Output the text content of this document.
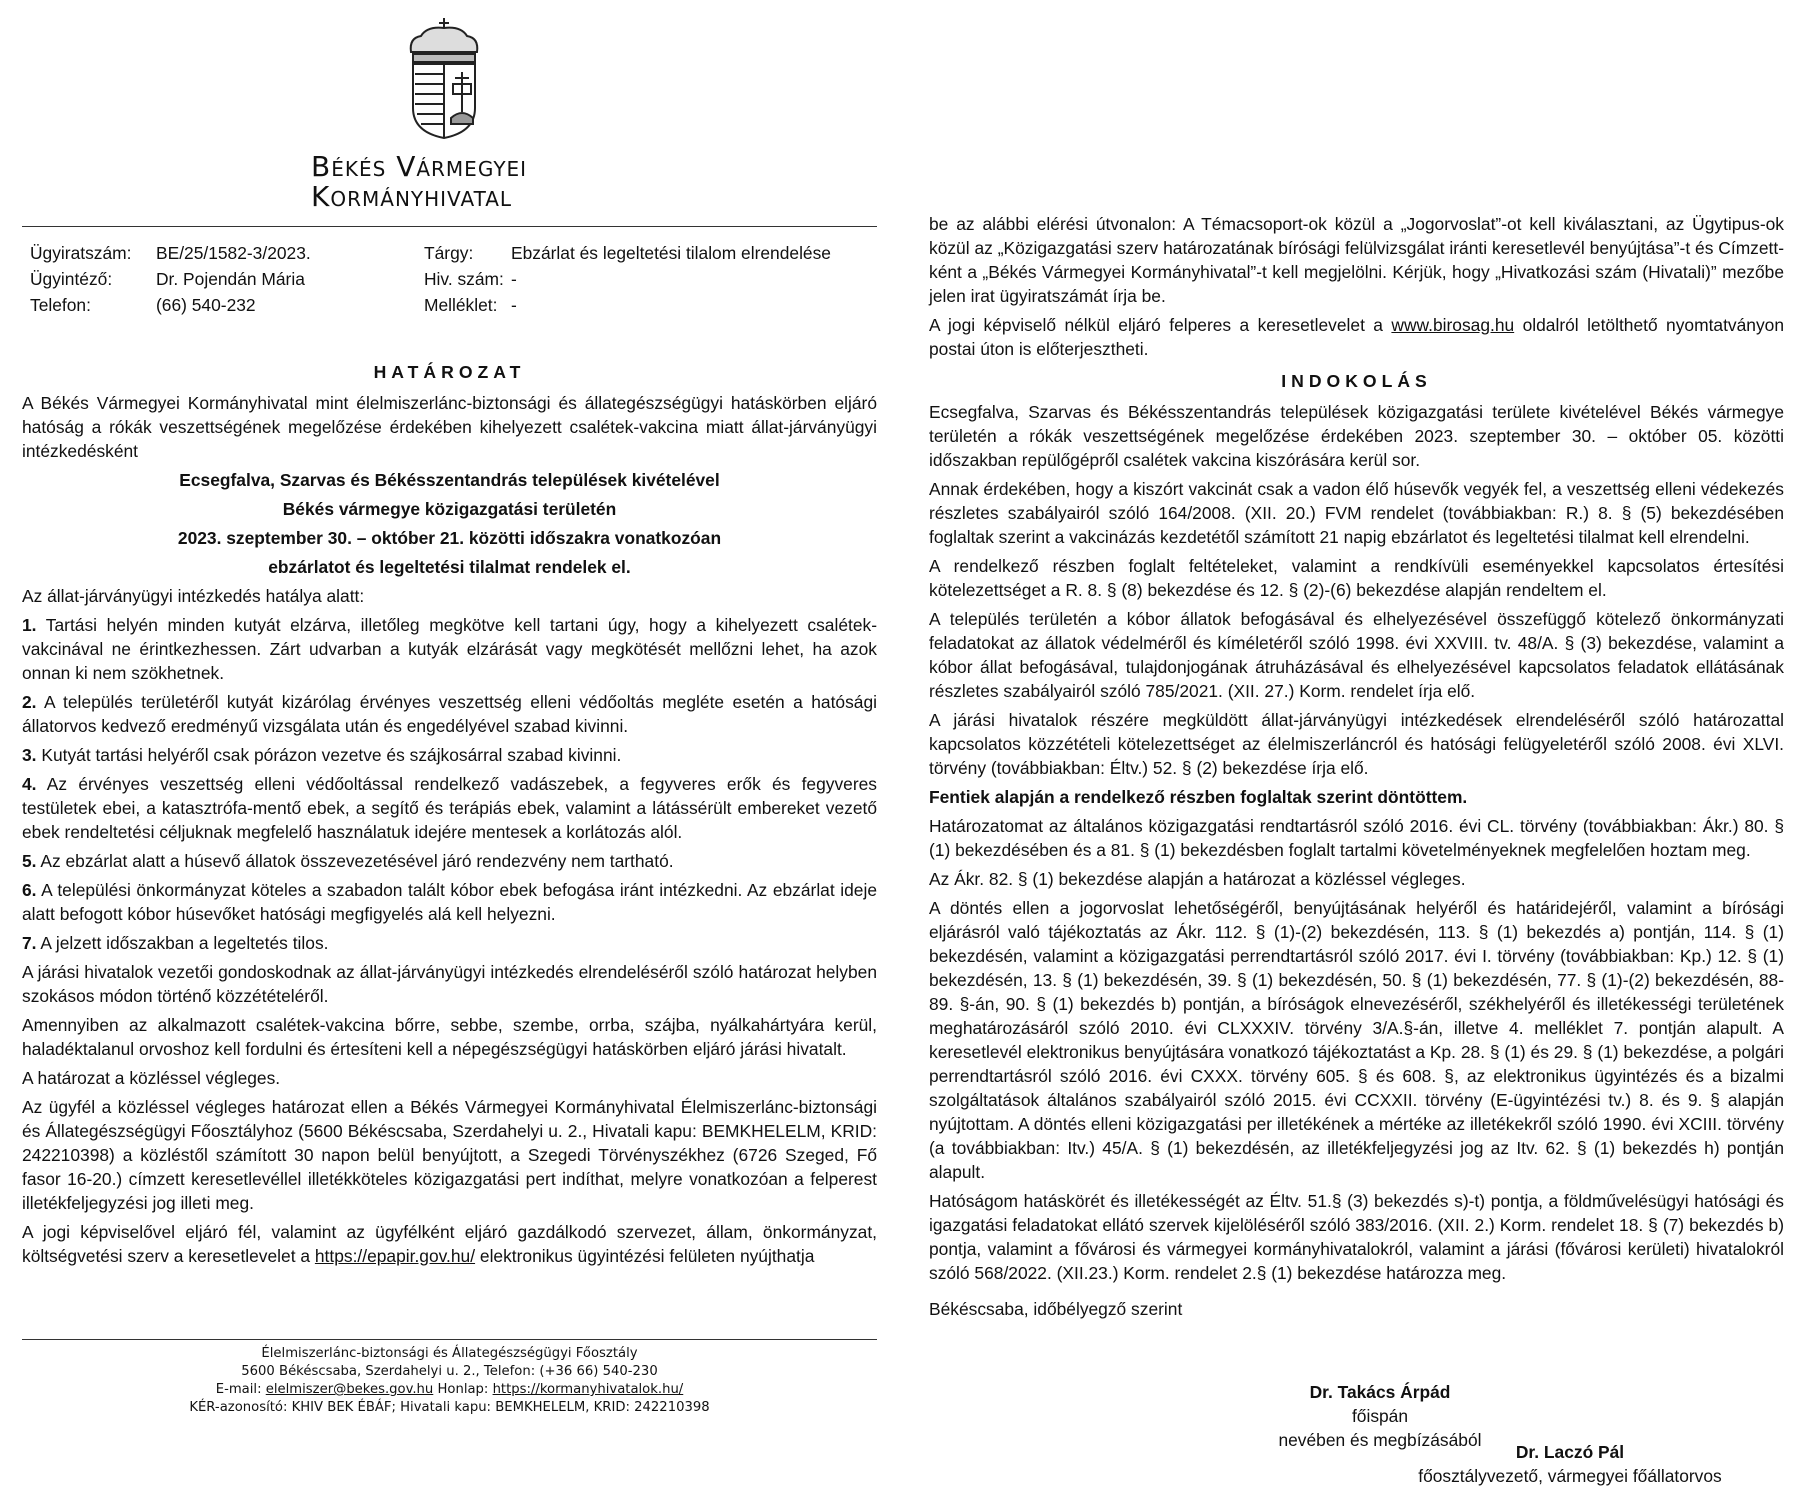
Békés Vármegyei
Kormányhivatal
Ügyiratszám: BE/25/1582-3/2023.	Tárgy: Ebzárlat és legeltetési tilalom elrendelése
Ügyintéző:	Dr. Pojendán Mária	Hiv. szám: -
Telefon:	(66) 540-232	Melléklet: -

HATÁROZAT

A Békés Vármegyei Kormányhivatal mint élelmiszerlánc-biztonsági és állategészségügyi hatáskörben eljáró hatóság a rókák veszettségének megelőzése érdekében kihelyezett csalétek-vakcina miatt állat-járványügyi intézkedésként

Ecsegfalva, Szarvas és Békésszentandrás települések kivételével

Békés vármegye közigazgatási területén

2023. szeptember 30. – október 21. közötti időszakra vonatkozóan

ebzárlatot és legeltetési tilalmat rendelek el.

Az állat-járványügyi intézkedés hatálya alatt:

1. Tartási helyén minden kutyát elzárva, illetőleg megkötve kell tartani úgy, hogy a kihelyezett csalétek-vakcinával ne érintkezhessen. Zárt udvarban a kutyák elzárását vagy megkötését mellőzni lehet, ha azok onnan ki nem szökhetnek.

2. A település területéről kutyát kizárólag érvényes veszettség elleni védőoltás megléte esetén a hatósági állatorvos kedvező eredményű vizsgálata után és engedélyével szabad kivinni.

3. Kutyát tartási helyéről csak pórázon vezetve és szájkosárral szabad kivinni.

4. Az érvényes veszettség elleni védőoltással rendelkező vadászebek, a fegyveres erők és fegyveres testületek ebei, a katasztrófa-mentő ebek, a segítő és terápiás ebek, valamint a látássérült embereket vezető ebek rendeltetési céljuknak megfelelő használatuk idejére mentesek a korlátozás alól.

5. Az ebzárlat alatt a húsevő állatok összevezetésével járó rendezvény nem tartható.

6. A települési önkormányzat köteles a szabadon talált kóbor ebek befogása iránt intézkedni. Az ebzárlat ideje alatt befogott kóbor húsevőket hatósági megfigyelés alá kell helyezni.

7. A jelzett időszakban a legeltetés tilos.

A járási hivatalok vezetői gondoskodnak az állat-járványügyi intézkedés elrendeléséről szóló határozat helyben szokásos módon történő közzétételéről.

Amennyiben az alkalmazott csalétek-vakcina bőrre, sebbe, szembe, orrba, szájba, nyálkahártyára kerül, haladéktalanul orvoshoz kell fordulni és értesíteni kell a népegészségügyi hatáskörben eljáró járási hivatalt.

A határozat a közléssel végleges.

Az ügyfél a közléssel végleges határozat ellen a Békés Vármegyei Kormányhivatal Élelmiszerlánc-biztonsági és Állategészségügyi Főosztályhoz (5600 Békéscsaba, Szerdahelyi u. 2., Hivatali kapu: BEMKHELELM, KRID: 242210398) a közléstől számított 30 napon belül benyújtott, a Szegedi Törvényszékhez (6726 Szeged, Fő fasor 16-20.) címzett keresetlevéllel illetékköteles közigazgatási pert indíthat, melyre vonatkozóan a felperest illetékfeljegyzési jog illeti meg.

A jogi képviselővel eljáró fél, valamint az ügyfélként eljáró gazdálkodó szervezet, állam, önkormányzat, költségvetési szerv a keresetlevelet a https://epapir.gov.hu/ elektronikus ügyintézési felületen nyújthatja

Élelmiszerlánc-biztonsági és Állategészségügyi Főosztály
5600 Békéscsaba, Szerdahelyi u. 2., Telefon: (+36 66) 540-230
E-mail: elelmiszer@bekes.gov.hu Honlap: https://kormanyhivatalok.hu/
KÉR-azonosító: KHIV BEK ÉBÁF; Hivatali kapu: BEMKHELELM, KRID: 242210398

be az alábbi elérési útvonalon: A Témacsoport-ok közül a „Jogorvoslat”-ot kell kiválasztani, az Ügytipus-ok közül az „Közigazgatási szerv határozatának bírósági felülvizsgálat iránti keresetlevél benyújtása”-t és Címzett-ként a „Békés Vármegyei Kormányhivatal”-t kell megjelölni. Kérjük, hogy „Hivatkozási szám (Hivatali)” mezőbe jelen irat ügyiratszámát írja be.

A jogi képviselő nélkül eljáró felperes a keresetlevelet a www.birosag.hu oldalról letölthető nyomtatványon postai úton is előterjesztheti.

INDOKOLÁS

Ecsegfalva, Szarvas és Békésszentandrás települések közigazgatási területe kivételével Békés vármegye területén a rókák veszettségének megelőzése érdekében 2023. szeptember 30. – október 05. közötti időszakban repülőgépről csalétek vakcina kiszórására kerül sor.

Annak érdekében, hogy a kiszórt vakcinát csak a vadon élő húsevők vegyék fel, a veszettség elleni védekezés részletes szabályairól szóló 164/2008. (XII. 20.) FVM rendelet (továbbiakban: R.) 8. § (5) bekezdésében foglaltak szerint a vakcinázás kezdetétől számított 21 napig ebzárlatot és legeltetési tilalmat kell elrendelni.

A rendelkező részben foglalt feltételeket, valamint a rendkívüli eseményekkel kapcsolatos értesítési kötelezettséget a R. 8. § (8) bekezdése és 12. § (2)-(6) bekezdése alapján rendeltem el.

A település területén a kóbor állatok befogásával és elhelyezésével összefüggő kötelező önkormányzati feladatokat az állatok védelméről és kíméletéről szóló 1998. évi XXVIII. tv. 48/A. § (3) bekezdése, valamint a kóbor állat befogásával, tulajdonjogának átruházásával és elhelyezésével kapcsolatos feladatok ellátásának részletes szabályairól szóló 785/2021. (XII. 27.) Korm. rendelet írja elő.

A járási hivatalok részére megküldött állat-járványügyi intézkedések elrendeléséről szóló határozattal kapcsolatos közzétételi kötelezettséget az élelmiszerláncról és hatósági felügyeletéről szóló 2008. évi XLVI. törvény (továbbiakban: Éltv.) 52. § (2) bekezdése írja elő.

Fentiek alapján a rendelkező részben foglaltak szerint döntöttem.

Határozatomat az általános közigazgatási rendtartásról szóló 2016. évi CL. törvény (továbbiakban: Ákr.) 80. § (1) bekezdésében és a 81. § (1) bekezdésben foglalt tartalmi követelményeknek megfelelően hoztam meg.

Az Ákr. 82. § (1) bekezdése alapján a határozat a közléssel végleges.

A döntés ellen a jogorvoslat lehetőségéről, benyújtásának helyéről és határidejéről, valamint a bírósági eljárásról való tájékoztatás az Ákr. 112. § (1)-(2) bekezdésén, 113. § (1) bekezdés a) pontján, 114. § (1) bekezdésén, valamint a közigazgatási perrendtartásról szóló 2017. évi I. törvény (továbbiakban: Kp.) 12. § (1) bekezdésén, 13. § (1) bekezdésén, 39. § (1) bekezdésén, 50. § (1) bekezdésén, 77. § (1)-(2) bekezdésén, 88-89. §-án, 90. § (1) bekezdés b) pontján, a bíróságok elnevezéséről, székhelyéről és illetékességi területének meghatározásáról szóló 2010. évi CLXXXIV. törvény 3/A.§-án, illetve 4. melléklet 7. pontján alapult. A keresetlevél elektronikus benyújtására vonatkozó tájékoztatást a Kp. 28. § (1) és 29. § (1) bekezdése, a polgári perrendtartásról szóló 2016. évi CXXX. törvény 605. § és 608. §, az elektronikus ügyintézés és a bizalmi szolgáltatások általános szabályairól szóló 2015. évi CCXXII. törvény (E-ügyintézési tv.) 8. és 9. § alapján nyújtottam. A döntés elleni közigazgatási per illetékének a mértéke az illetékekről szóló 1990. évi XCIII. törvény (a továbbiakban: Itv.) 45/A. § (1) bekezdésén, az illetékfeljegyzési jog az Itv. 62. § (1) bekezdés h) pontján alapult.

Hatóságom hatáskörét és illetékességét az Éltv. 51.§ (3) bekezdés s)-t) pontja, a földművelésügyi hatósági és igazgatási feladatokat ellátó szervek kijelöléséről szóló 383/2016. (XII. 2.) Korm. rendelet 18. § (7) bekezdés b) pontja, valamint a fővárosi és vármegyei kormányhivatalokról, valamint a járási (fővárosi kerületi) hivatalokról szóló 568/2022. (XII.23.) Korm. rendelet 2.§ (1) bekezdése határozza meg.

Békéscsaba, időbélyegző szerint

Dr. Takács Árpád
főispán
nevében és megbízásából
Dr. Laczó Pál
főosztályvezető, vármegyei főállatorvos
